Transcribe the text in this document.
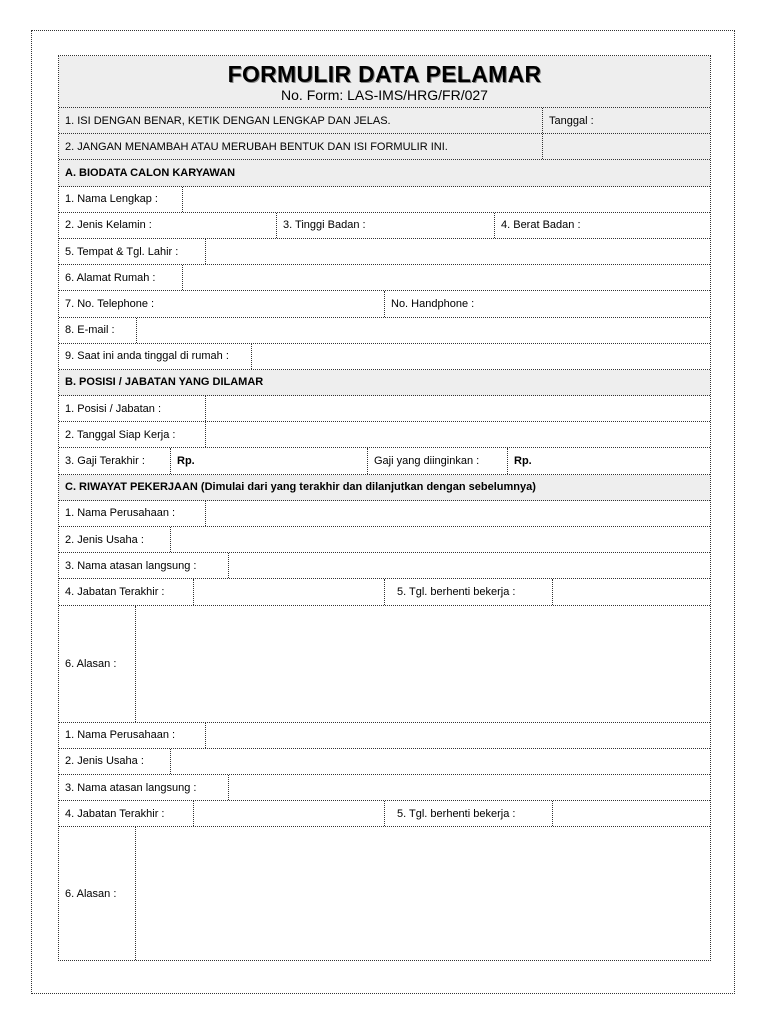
FORMULIR DATA PELAMAR
No. Form: LAS-IMS/HRG/FR/027
1. ISI DENGAN BENAR, KETIK DENGAN LENGKAP DAN JELAS.	Tanggal :
2. JANGAN MENAMBAH ATAU MERUBAH BENTUK DAN ISI FORMULIR INI.
A. BIODATA CALON KARYAWAN
1. Nama Lengkap :
2. Jenis Kelamin :	3. Tinggi Badan :	4. Berat Badan :
5. Tempat & Tgl. Lahir :
6. Alamat Rumah :
7. No. Telephone :	No. Handphone :
8. E-mail :
9. Saat ini anda tinggal di rumah :
B. POSISI / JABATAN YANG DILAMAR
1. Posisi / Jabatan :
2. Tanggal Siap Kerja :
3. Gaji Terakhir :	Rp.	Gaji yang diinginkan :	Rp.
C. RIWAYAT PEKERJAAN (Dimulai dari yang terakhir dan dilanjutkan dengan sebelumnya)
1. Nama Perusahaan :
2. Jenis Usaha :
3. Nama atasan langsung :
4. Jabatan Terakhir :	5. Tgl. berhenti bekerja :
6. Alasan :
1. Nama Perusahaan :
2. Jenis Usaha :
3. Nama atasan langsung :
4. Jabatan Terakhir :	5. Tgl. berhenti bekerja :
6. Alasan :
